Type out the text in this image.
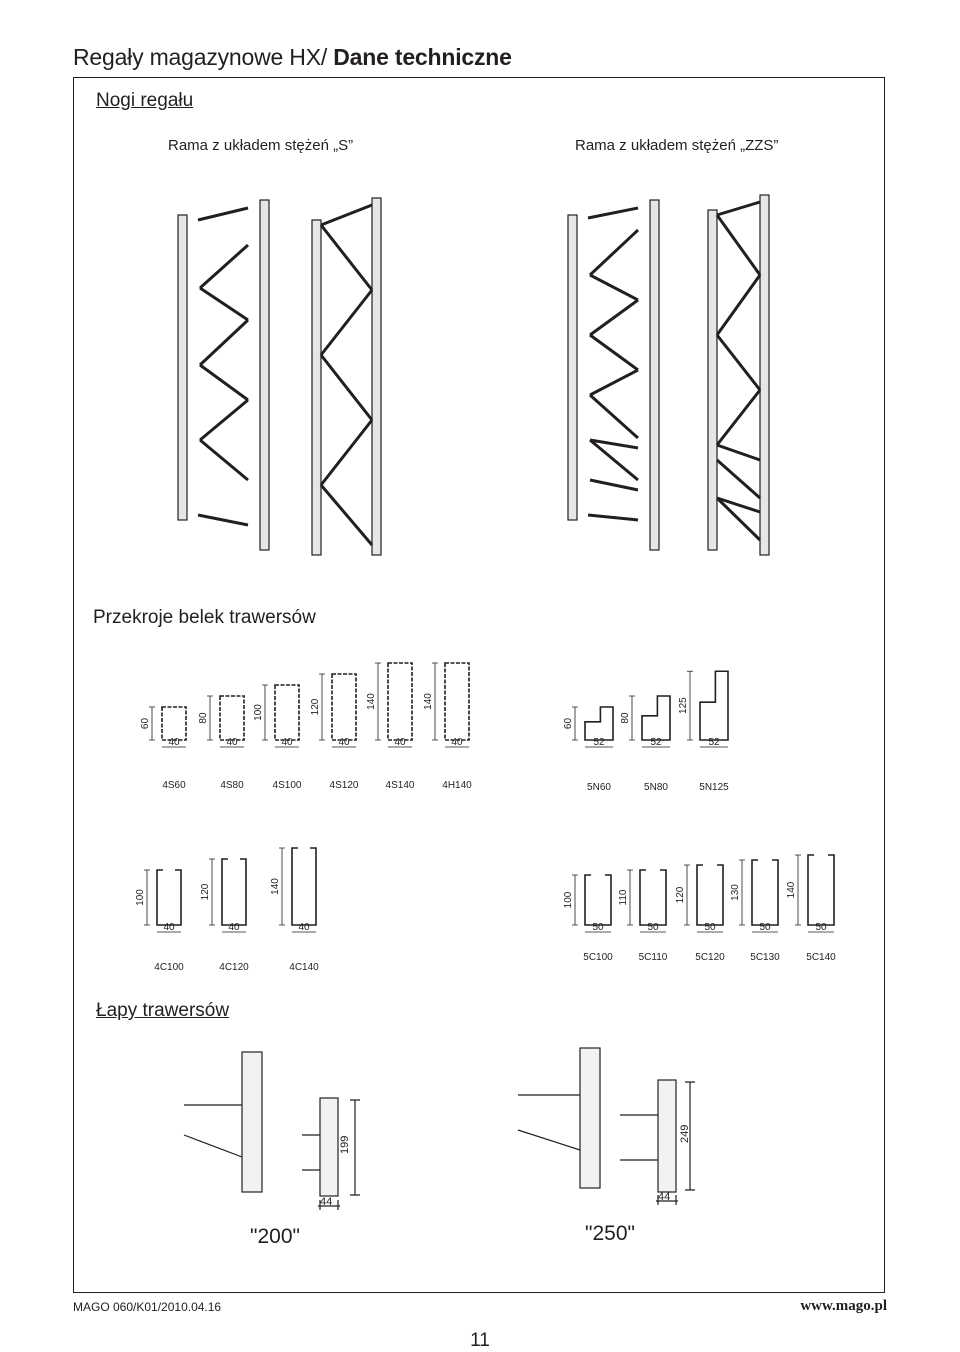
Regały magazynowe HX/ Dane techniczne
Nogi regału
Rama z układem stężeń „S”	Rama z układem stężeń „ZZS”
Przekroje belek trawersów
60
40
4S60
80
40
4S80
100
40
4S100
120
40
4S120
140
40
4S140
140
40
4H140
60
52
5N60
80
52
5N80
125
52
5N125
100
40
4C100
120
40
4C120
140
40
4C140
100
50
5C100
110
50
5C110
120
50
5C120
130
50
5C130
140
50
5C140
Łapy trawersów
199
44
249
44
"200"	"250"
MAGO 060/K01/2010.04.16	www.mago.pl
11
